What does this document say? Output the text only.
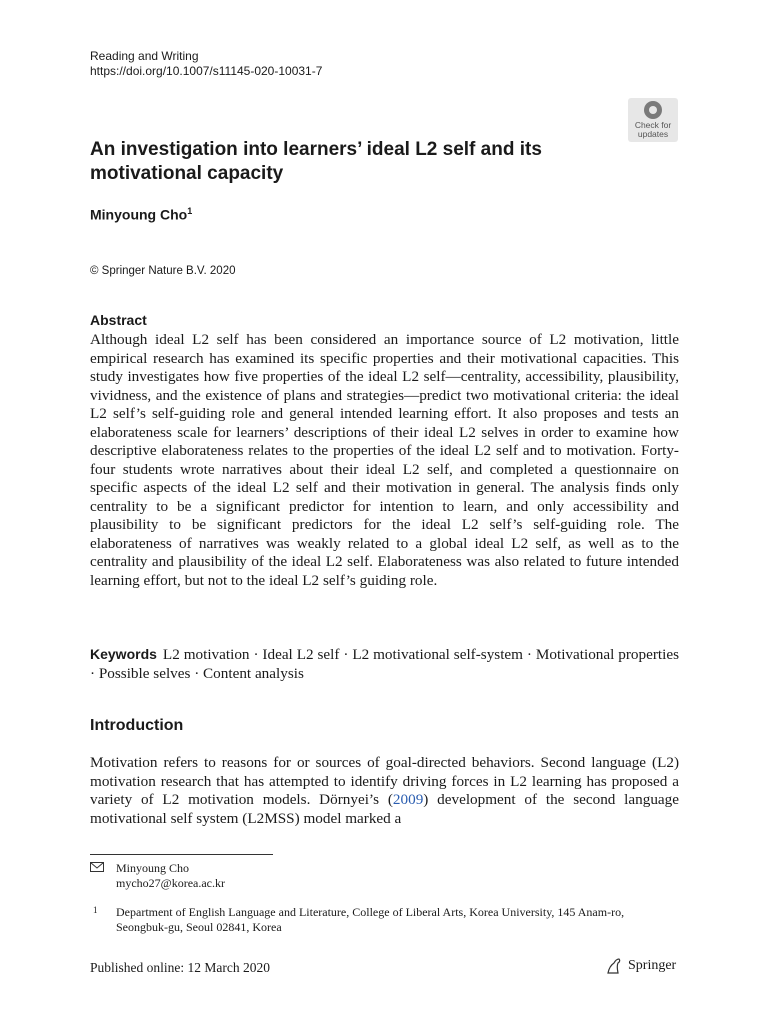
Reading and Writing
https://doi.org/10.1007/s11145-020-10031-7
Check for
updates
An investigation into learners’ ideal L2 self and its motivational capacity
Minyoung Cho$^1$
© Springer Nature B.V. 2020
Abstract

Although ideal L2 self has been considered an importance source of L2 motivation, little empirical research has examined its specific properties and their motivational capacities. This study investigates how five properties of the ideal L2 self—centrality, accessibility, plausibility, vividness, and the existence of plans and strategies—predict two motivational criteria: the ideal L2 self’s self-guiding role and general intended learning effort. It also proposes and tests an elaborateness scale for learners’ descriptions of their ideal L2 selves in order to examine how descriptive elaborateness relates to the properties of the ideal L2 self and to motivation. Forty-four students wrote narratives about their ideal L2 self, and completed a questionnaire on specific aspects of the ideal L2 self and their motivation in general. The analysis finds only centrality to be a significant predictor for intention to learn, and only accessibility and plausibility to be significant predictors for the ideal L2 self’s self-guiding role. The elaborateness of narratives was weakly related to a global ideal L2 self, as well as to the centrality and plausibility of the ideal L2 self. Elaborateness was also related to future intended learning effort, but not to the ideal L2 self’s guiding role.

Keywords L2 motivation · Ideal L2 self · L2 motivational self-system · Motivational properties · Possible selves · Content analysis

Introduction

Motivation refers to reasons for or sources of goal-directed behaviors. Second language (L2) motivation research that has attempted to identify driving forces in L2 learning has proposed a variety of L2 motivation models. Dörnyei’s (2009) development of the second language motivational self system (L2MSS) model marked a

Minyoung Cho
mycho27@korea.ac.kr
1 Department of English Language and Literature, College of Liberal Arts, Korea University, 145 Anam-ro, Seongbuk-gu, Seoul 02841, Korea
Published online: 12 March 2020	Springer
